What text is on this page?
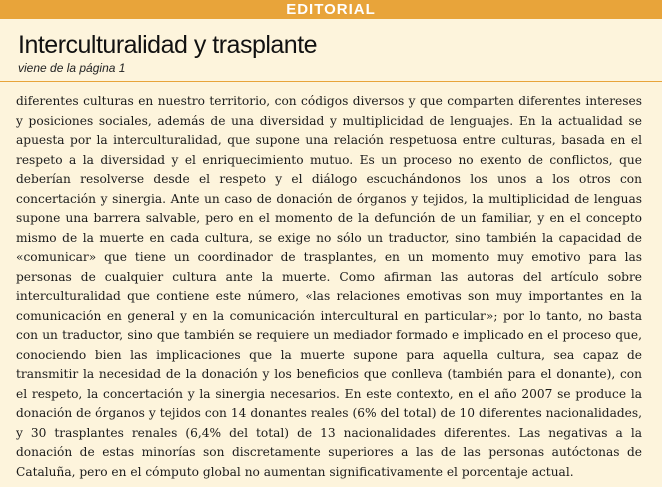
EDITORIAL
Interculturalidad y trasplante
viene de la página 1

diferentes culturas en nuestro territorio, con códigos diversos y que comparten diferentes intereses y posiciones sociales, además de una diversidad y multiplicidad de lenguajes. En la actualidad se apuesta por la interculturalidad, que supone una relación respetuosa entre culturas, basada en el respeto a la diversidad y el enriquecimiento mutuo. Es un proceso no exento de conflictos, que deberían resolverse desde el respeto y el diálogo escuchándonos los unos a los otros con concertación y sinergia. Ante un caso de donación de órganos y tejidos, la multiplicidad de lenguas supone una barrera salvable, pero en el momento de la defunción de un familiar, y en el concepto mismo de la muerte en cada cultura, se exige no sólo un traductor, sino también la capacidad de «comunicar» que tiene un coordinador de trasplantes, en un momento muy emotivo para las personas de cualquier cultura ante la muerte. Como afirman las autoras del artículo sobre interculturalidad que contiene este número, «las relaciones emotivas son muy importantes en la comunicación en general y en la comunicación intercultural en particular»; por lo tanto, no basta con un traductor, sino que también se requiere un mediador formado e implicado en el proceso que, conociendo bien las implicaciones que la muerte supone para aquella cultura, sea capaz de transmitir la necesidad de la donación y los beneficios que conlleva (también para el donante), con el respeto, la concertación y la sinergia necesarios. En este contexto, en el año 2007 se produce la donación de órganos y tejidos con 14 donantes reales (6% del total) de 10 diferentes nacionalidades, y 30 trasplantes renales (6,4% del total) de 13 nacionalidades diferentes. Las negativas a la donación de estas minorías son discretamente superiores a las de las personas autóctonas de Cataluña, pero en el cómputo global no aumentan significativamente el porcentaje actual.
